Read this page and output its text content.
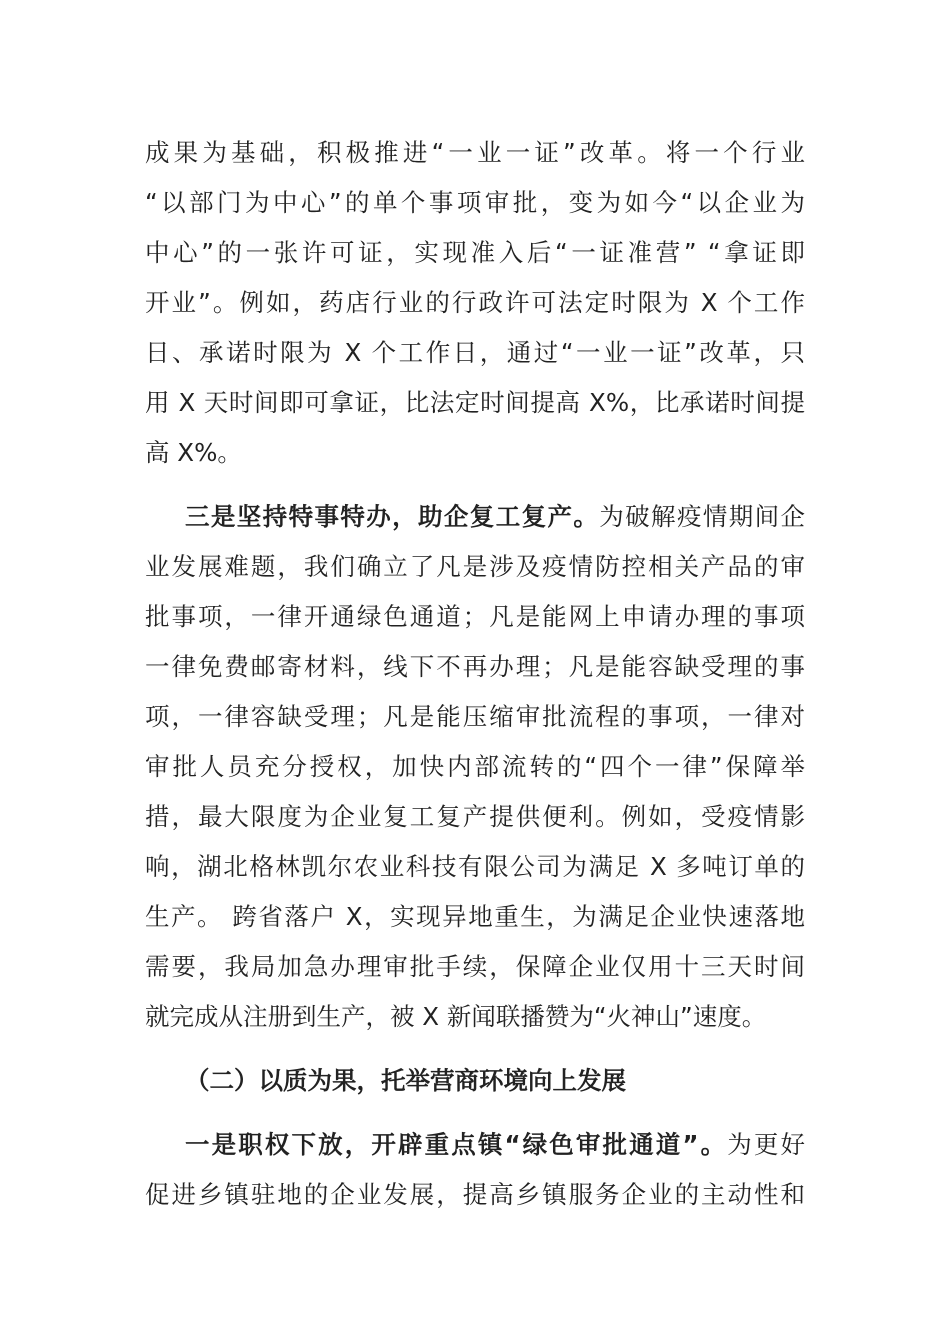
成果为基础，积极推进“一业一证”改革。将一个行业
“以部门为中心”的单个事项审批，变为如今“以企业为
中心”的一张许可证，实现准入后“一证准营” “拿证即
开业”。例如，药店行业的行政许可法定时限为 X 个工作
日、承诺时限为 X 个工作日，通过“一业一证”改革，只
用 X 天时间即可拿证，比法定时间提高 X%，比承诺时间提
高 X%。
三是坚持特事特办，助企复工复产。为破解疫情期间企
业发展难题，我们确立了凡是涉及疫情防控相关产品的审
批事项，一律开通绿色通道；凡是能网上申请办理的事项
一律免费邮寄材料，线下不再办理；凡是能容缺受理的事
项，一律容缺受理；凡是能压缩审批流程的事项，一律对
审批人员充分授权，加快内部流转的“四个一律”保障举
措，最大限度为企业复工复产提供便利。例如，受疫情影
响，湖北格林凯尔农业科技有限公司为满足 X 多吨订单的
生产。 跨省落户 X，实现异地重生，为满足企业快速落地
需要，我局加急办理审批手续，保障企业仅用十三天时间
就完成从注册到生产，被 X 新闻联播赞为“火神山”速度。
（二）以质为果，托举营商环境向上发展
一是职权下放，开辟重点镇“绿色审批通道”。为更好
促进乡镇驻地的企业发展，提高乡镇服务企业的主动性和
